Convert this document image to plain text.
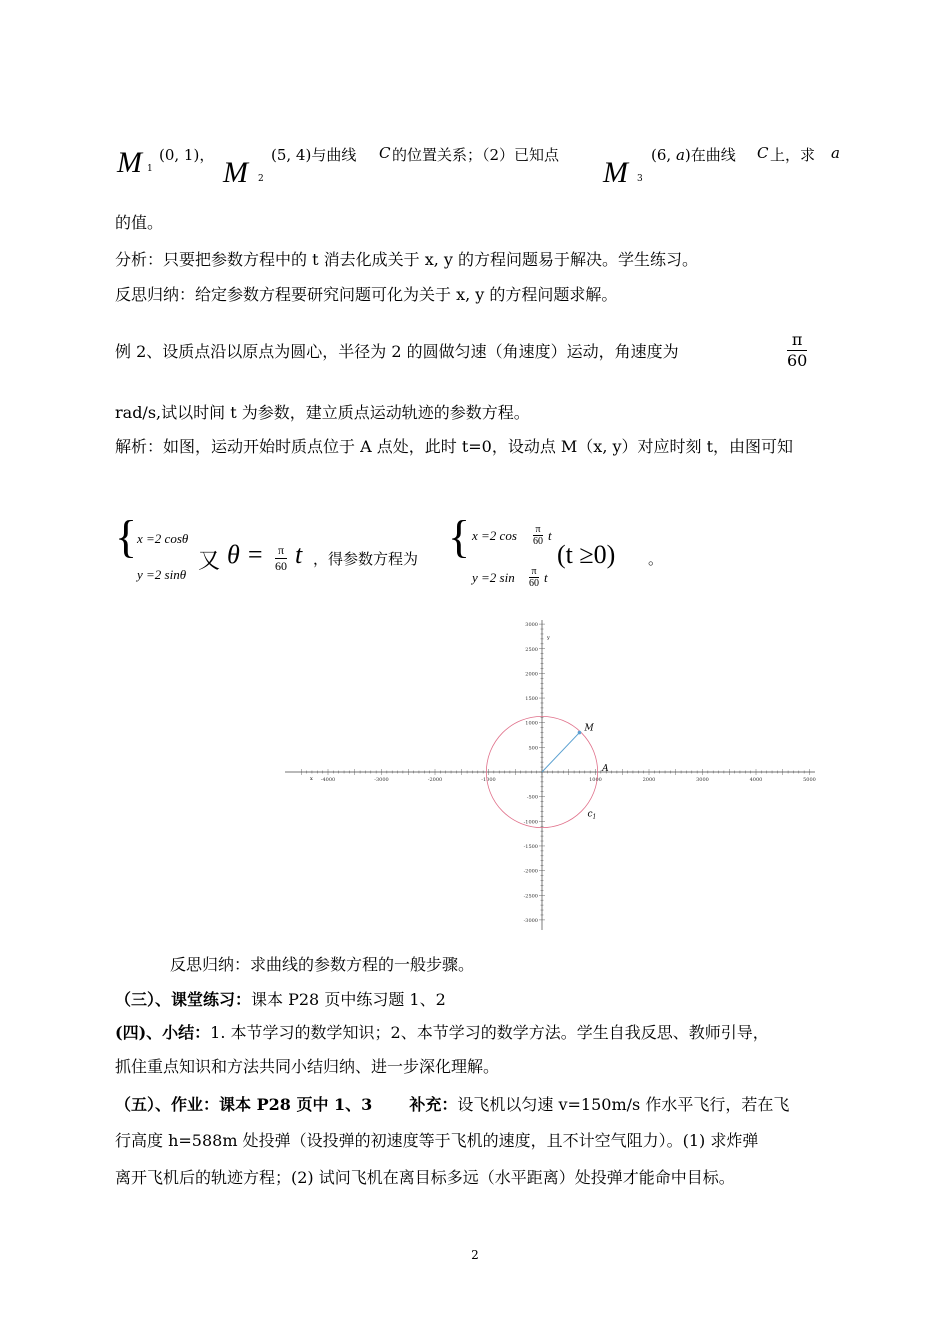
M 1
(0, 1)，
M 2
(5, 4)与曲线 C 的位置关系；（2）已知点
M 3
(6, a)在曲线 C 上，求 a
的值。
分析：只要把参数方程中的 t 消去化成关于 x, y 的方程问题易于解决。学生练习。
反思归纳：给定参数方程要研究问题可化为关于 x, y 的方程问题求解。
例 2、设质点沿以原点为圆心，半径为 2 的圆做匀速（角速度）运动，角速度为	$\frac{\pi}{60}$
rad/s,试以时间 t 为参数，建立质点运动轨迹的参数方程。
解析：如图，运动开始时质点位于 A 点处，此时 t=0，设动点 M（x, y）对应时刻 t，由图可知
{ x =2 cosθ
y =2 sinθ
又 $\theta = \frac{\pi}{60}$ t ，得参数方程为 { x =2 $\cos \frac{\pi}{60}$ t
y =2 $\sin \frac{\pi}{60}$ t
(t ≥0) 。
-4000	-3000	-2000	-1000	1000	2000	3000	4000	5000
3000
2500
2000
1500
1000
500
-500
-1000
-1500
-2000
-2500
-3000
M
A
$c_1$
x
y
反思归纳：求曲线的参数方程的一般步骤。
（三）、课堂练习：课本 P28 页中练习题 1、2
(四)、小结：1. 本节学习的数学知识；2、本节学习的数学方法。学生自我反思、教师引导，
抓住重点知识和方法共同小结归纳、进一步深化理解。
（五）、作业：课本 P28 页中 1、3 补充：设飞机以匀速 v=150m/s 作水平飞行，若在飞
行高度 h=588m 处投弹（设投弹的初速度等于飞机的速度，且不计空气阻力）。(1) 求炸弹
离开飞机后的轨迹方程；(2) 试问飞机在离目标多远（水平距离）处投弹才能命中目标。
2
